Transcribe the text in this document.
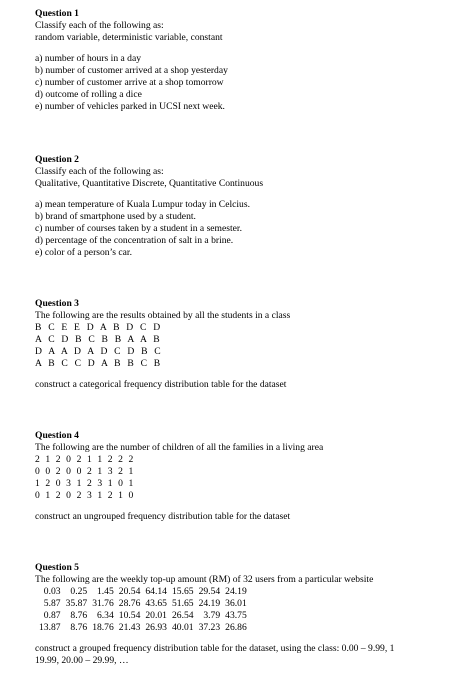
Question 1
Classify each of the following as:
random variable, deterministic variable, constant
a) number of hours in a day
b) number of customer arrived at a shop yesterday
c) number of customer arrive at a shop tomorrow
d) outcome of rolling a dice
e) number of vehicles parked in UCSI next week.
Question 2
Classify each of the following as:
Qualitative, Quantitative Discrete, Quantitative Continuous
a) mean temperature of Kuala Lumpur today in Celcius.
b) brand of smartphone used by a student.
c) number of courses taken by a student in a semester.
d) percentage of the concentration of salt in a brine.
e) color of a person’s car.
Question 3
The following are the results obtained by all the students in a class
B C E E D A B D C D
A C D B C B B A A B
D A A D A D C D B C
A B C C D A B B C B
construct a categorical frequency distribution table for the dataset
Question 4
The following are the number of children of all the families in a living area
2 1 2 0 2 1 1 2 2 2
0 0 2 0 0 2 1 3 2 1
1 2 0 3 1 2 3 1 0 1
0 1 2 0 2 3 1 2 1 0
construct an ungrouped frequency distribution table for the dataset
Question 5
The following are the weekly top-up amount (RM) of 32 users from a particular website
0.03	0.25	1.45	20.54	64.14	15.65	29.54	24.19
5.87	35.87	31.76	28.76	43.65	51.65	24.19	36.01
0.87	8.76	6.34	10.54	20.01	26.54	3.79	43.75
13.87	8.76	18.76	21.43	26.93	40.01	37.23	26.86
construct a grouped frequency distribution table for the dataset, using the class: 0.00 – 9.99, 1
19.99, 20.00 – 29.99, …
